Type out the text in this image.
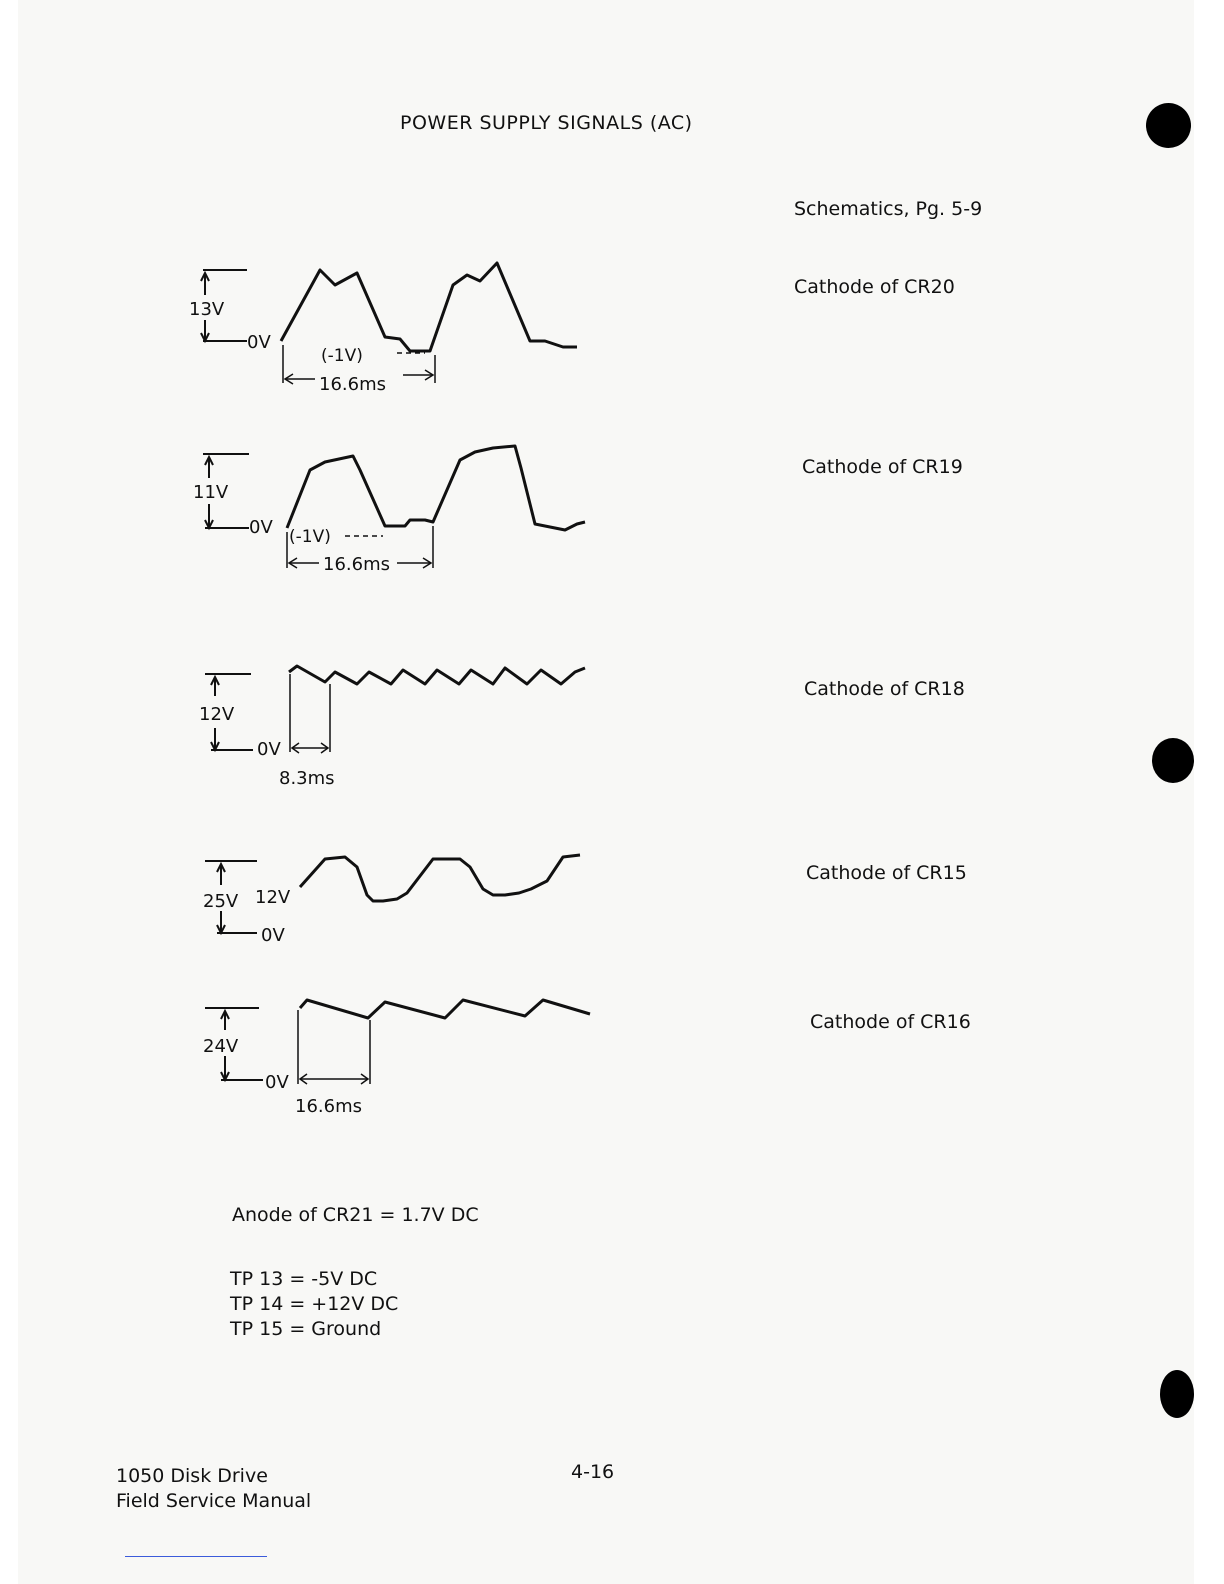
POWER SUPPLY SIGNALS (AC)
Schematics, Pg. 5-9
13V
0V
(-1V)
16.6ms
Cathode of CR20
11V
0V (-1V)
16.6ms
Cathode of CR19
12V
0V
8.3ms
Cathode of CR18
25V 12V
0V
Cathode of CR15
24V
0V
16.6ms
Cathode of CR16
Anode of CR21 = 1.7V DC
TP 13 = -5V DC
TP 14 = +12V DC
TP 15 = Ground
1050 Disk Drive
Field Service Manual
4-16
